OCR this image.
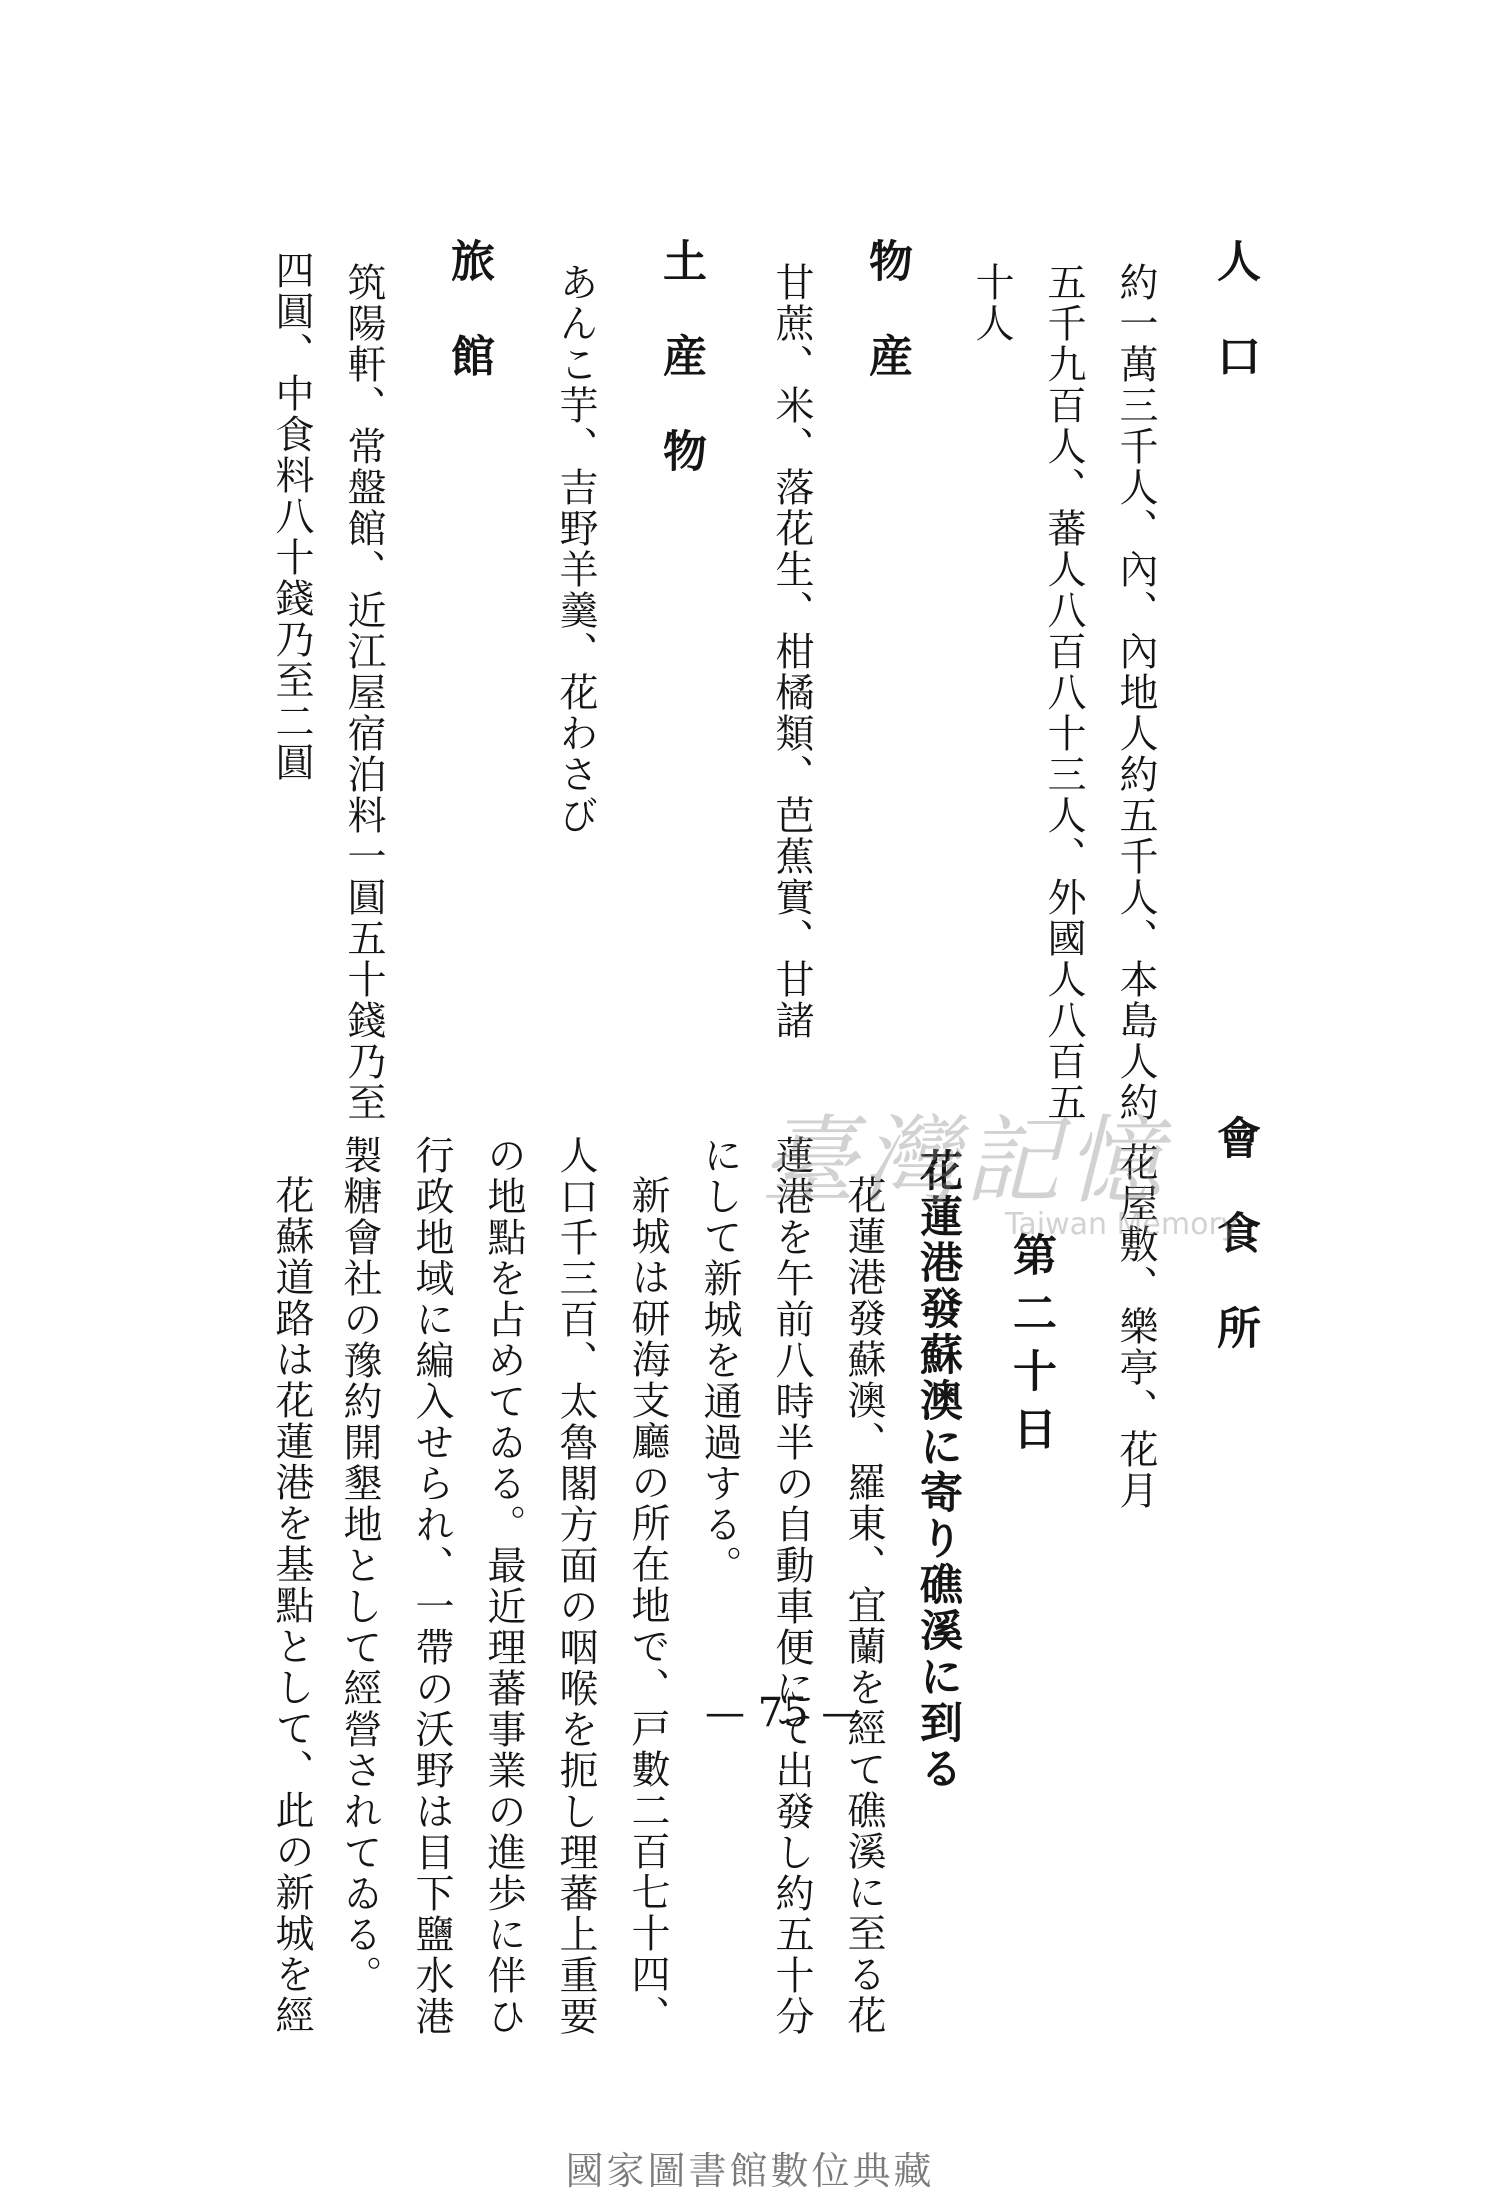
人 口
約一萬三千人、內、內地人約五千人、本島人約
五千九百人、蕃人八百八十三人、外國人八百五
十人
物 産
甘蔗、米、落花生、柑橘類、芭蕉實、甘諸
土 産 物
あんこ芋、吉野羊羹、花わさび
旅 館
筑陽軒、常盤館、近江屋宿泊料一圓五十錢乃至
四圓、中食料八十錢乃至二圓
會 食 所
花屋敷、樂亭、花月
第二十日
花蓮港發蘇澳に寄り礁溪に到る
花蓮港發蘇澳、羅東、宜蘭を經て礁溪に至る花
蓮港を午前八時半の自動車便にて出發し約五十分
にして新城を通過する。
新城は研海支廳の所在地で、戸數二百七十四、
人口千三百、太魯閣方面の咽喉を扼し理蕃上重要
の地點を占めてゐる。最近理蕃事業の進歩に伴ひ
行政地域に編入せられ、一帶の沃野は目下鹽水港
製糖會社の豫約開墾地として經營されてゐる。
花蘇道路は花蓮港を基點として、此の新城を經
臺灣記憶
Taiwan Memory
— 75 —
國家圖書館數位典藏
